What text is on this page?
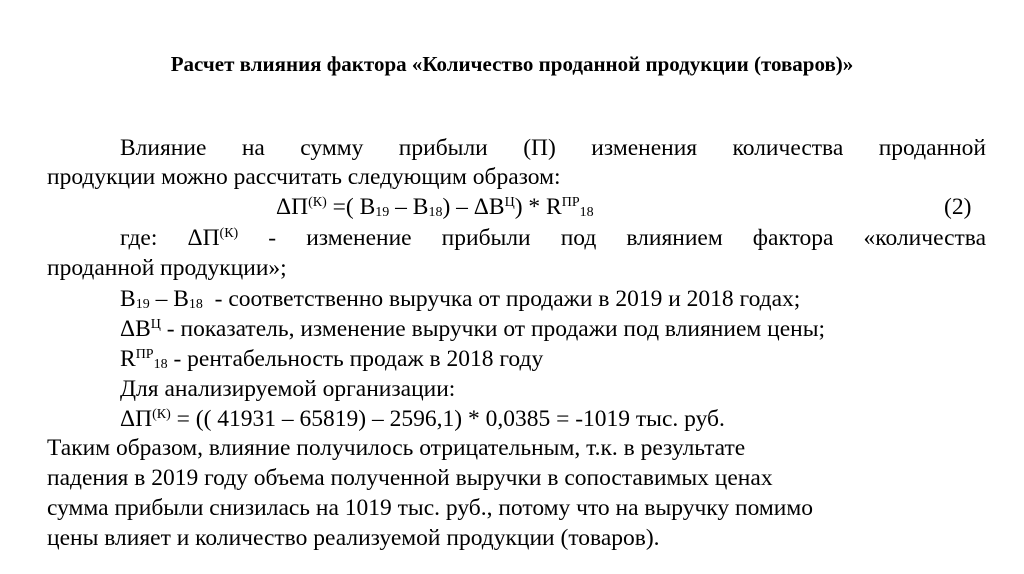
Расчет влияния фактора «Количество проданной продукции (товаров)»
Влияние на сумму прибыли (П) изменения количества проданной
продукции можно рассчитать следующим образом:
$\Delta П^{(К)}$ =( $В_{19} - В_{18}) - \Delta В^Ц) * R^{ПР}_{18}$	(2)
где: $\Delta П^{(К)}$ - изменение прибыли под влиянием фактора «количества
проданной продукции»;
$В_{19} - В_{18}$  - соответственно выручка от продажи в 2019 и 2018 годах;
$\Delta В^Ц$ - показатель, изменение выручки от продажи под влиянием цены;
$R^{ПР}_{18}$ - рентабельность продаж в 2018 году
Для анализируемой организации:
$\Delta П^{(К)}$ = (( 41931 – 65819) – 2596,1) * 0,0385 = -1019 тыс. руб.
Таким образом, влияние получилось отрицательным, т.к. в результате
падения в 2019 году объема полученной выручки в сопоставимых ценах
сумма прибыли снизилась на 1019 тыс. руб., потому что на выручку помимо
цены влияет и количество реализуемой продукции (товаров).
